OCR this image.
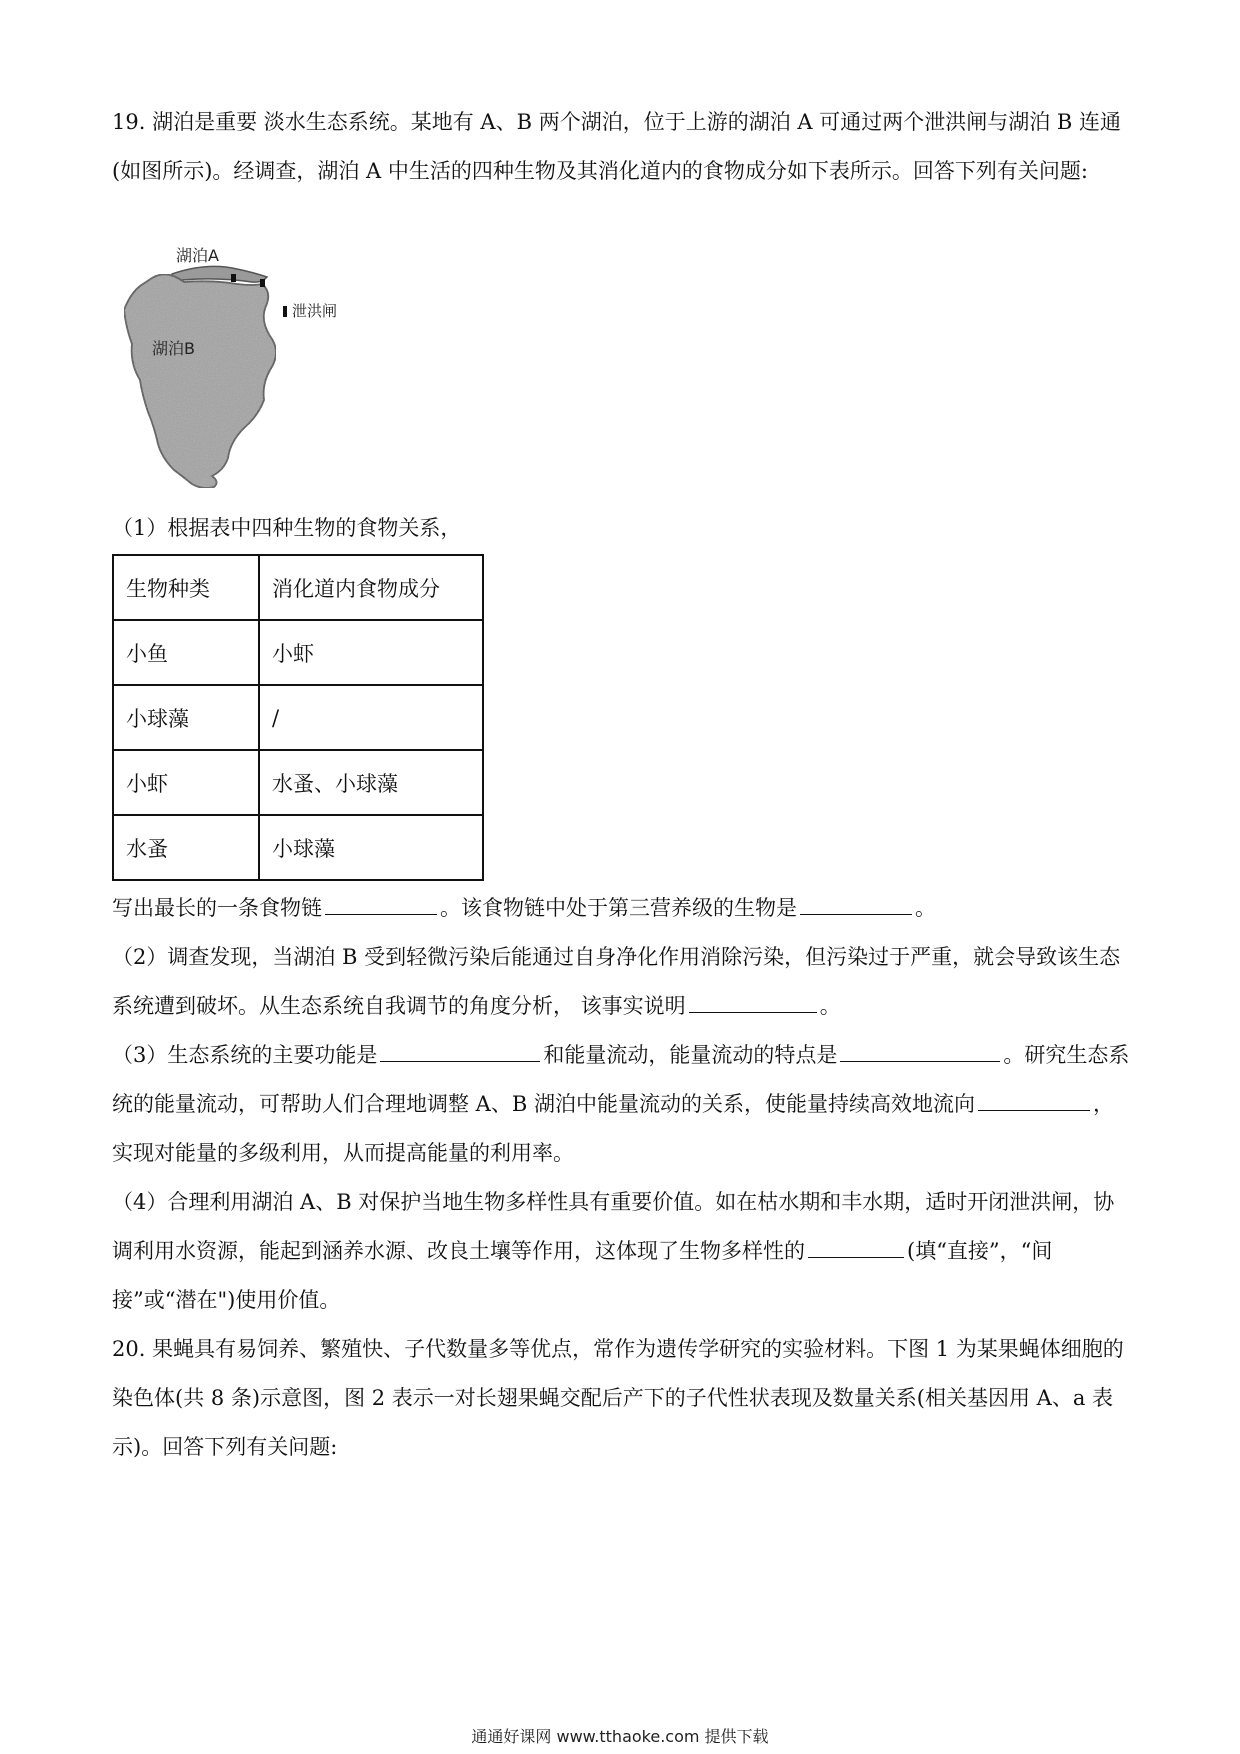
19. 湖泊是重要 淡水生态系统。某地有 A、B 两个湖泊，位于上游的湖泊 A 可通过两个泄洪闸与湖泊 B 连通(如图所示)。经调查，湖泊 A 中生活的四种生物及其消化道内的食物成分如下表所示。回答下列有关问题:

泄洪闸
湖泊A
湖泊B

（1）根据表中四种生物的食物关系，

生物种类	消化道内食物成分
小鱼	小虾
小球藻	/
小虾	水蚤、小球藻
水蚤	小球藻

写出最长的一条食物链	。该食物链中处于第三营养级的生物是	。

（2）调查发现，当湖泊 B 受到轻微污染后能通过自身净化作用消除污染，但污染过于严重，就会导致该生态系统遭到破坏。从生态系统自我调节的角度分析， 该事实说明	。

（3）生态系统的主要功能是	和能量流动，能量流动的特点是	。研究生态系统的能量流动，可帮助人们合理地调整 A、B 湖泊中能量流动的关系，使能量持续高效地流向	，实现对能量的多级利用，从而提高能量的利用率。

（4）合理利用湖泊 A、B 对保护当地生物多样性具有重要价值。如在枯水期和丰水期，适时开闭泄洪闸，协调利用水资源，能起到涵养水源、改良土壤等作用，这体现了生物多样性的	(填“直接”，“间接”或“潜在")使用价值。

20. 果蝇具有易饲养、繁殖快、子代数量多等优点，常作为遗传学研究的实验材料。下图 1 为某果蝇体细胞的染色体(共 8 条)示意图，图 2 表示一对长翅果蝇交配后产下的子代性状表现及数量关系(相关基因用 A、a 表示)。回答下列有关问题:

通通好课网 www.tthaoke.com 提供下载
